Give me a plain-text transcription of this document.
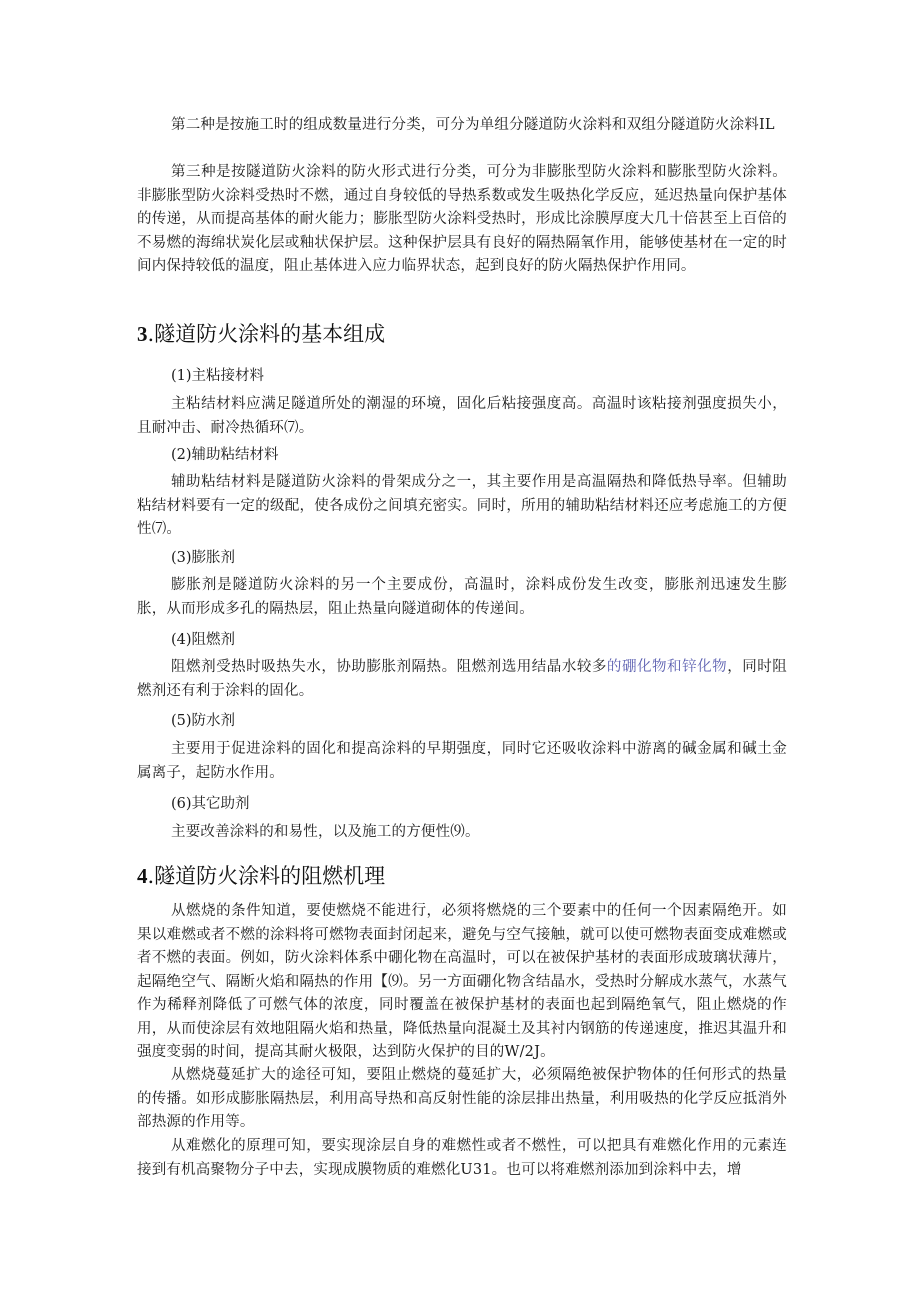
第二种是按施工时的组成数量进行分类，可分为单组分隧道防火涂料和双组分隧道防火涂料IL

第三种是按隧道防火涂料的防火形式进行分类，可分为非膨胀型防火涂料和膨胀型防火涂料。非膨胀型防火涂料受热时不燃，通过自身较低的导热系数或发生吸热化学反应，延迟热量向保护基体的传递，从而提高基体的耐火能力；膨胀型防火涂料受热时，形成比涂膜厚度大几十倍甚至上百倍的不易燃的海绵状炭化层或釉状保护层。这种保护层具有良好的隔热隔氧作用，能够使基材在一定的时间内保持较低的温度，阻止基体进入应力临界状态，起到良好的防火隔热保护作用同。

3.隧道防火涂料的基本组成

(1)主粘接材料

主粘结材料应满足隧道所处的潮湿的环境，固化后粘接强度高。高温时该粘接剂强度损失小，且耐冲击、耐冷热循环⑺。

(2)辅助粘结材料

辅助粘结材料是隧道防火涂料的骨架成分之一，其主要作用是高温隔热和降低热导率。但辅助粘结材料要有一定的级配，使各成份之间填充密实。同时，所用的辅助粘结材料还应考虑施工的方便性⑺。

(3)膨胀剂

膨胀剂是隧道防火涂料的另一个主要成份，高温时，涂料成份发生改变，膨胀剂迅速发生膨胀，从而形成多孔的隔热层，阻止热量向隧道砌体的传递间。

(4)阻燃剂

阻燃剂受热时吸热失水，协助膨胀剂隔热。阻燃剂选用结晶水较多的硼化物和锌化物，同时阻燃剂还有利于涂料的固化。

(5)防水剂

主要用于促进涂料的固化和提高涂料的早期强度，同时它还吸收涂料中游离的碱金属和碱土金属离子，起防水作用。

(6)其它助剂

主要改善涂料的和易性，以及施工的方便性⑼。

4.隧道防火涂料的阻燃机理

从燃烧的条件知道，要使燃烧不能进行，必须将燃烧的三个要素中的任何一个因素隔绝开。如果以难燃或者不燃的涂料将可燃物表面封闭起来，避免与空气接触，就可以使可燃物表面变成难燃或者不燃的表面。例如，防火涂料体系中硼化物在高温时，可以在被保护基材的表面形成玻璃状薄片，起隔绝空气、隔断火焰和隔热的作用【⑼。另一方面硼化物含结晶水，受热时分解成水蒸气，水蒸气作为稀释剂降低了可燃气体的浓度，同时覆盖在被保护基材的表面也起到隔绝氧气，阻止燃烧的作用，从而使涂层有效地阻隔火焰和热量，降低热量向混凝土及其衬内钢筋的传递速度，推迟其温升和强度变弱的时间，提高其耐火极限，达到防火保护的目的W/2J。

从燃烧蔓延扩大的途径可知，要阻止燃烧的蔓延扩大，必须隔绝被保护物体的任何形式的热量的传播。如形成膨胀隔热层，利用高导热和高反射性能的涂层排出热量，利用吸热的化学反应抵消外部热源的作用等。

从难燃化的原理可知，要实现涂层自身的难燃性或者不燃性，可以把具有难燃化作用的元素连接到有机高聚物分子中去，实现成膜物质的难燃化U31。也可以将难燃剂添加到涂料中去，增
